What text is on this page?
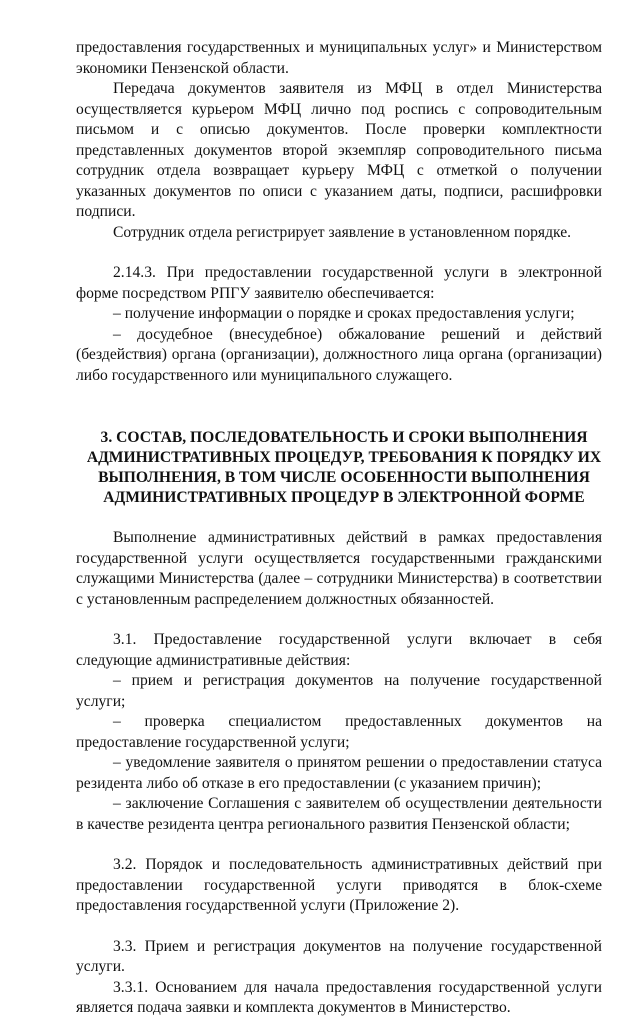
предоставления государственных и муниципальных услуг» и Министерством экономики Пензенской области.

Передача документов заявителя из МФЦ в отдел Министерства осуществляется курьером МФЦ лично под роспись с сопроводительным письмом и с описью документов. После проверки комплектности представленных документов второй экземпляр сопроводительного письма сотрудник отдела возвращает курьеру МФЦ с отметкой о получении указанных документов по описи с указанием даты, подписи, расшифровки подписи.

Сотрудник отдела регистрирует заявление в установленном порядке.

2.14.3. При предоставлении государственной услуги в электронной форме посредством РПГУ заявителю обеспечивается:

– получение информации о порядке и сроках предоставления услуги;

– досудебное (внесудебное) обжалование решений и действий (бездействия) органа (организации), должностного лица органа (организации) либо государственного или муниципального служащего.

3. СОСТАВ, ПОСЛЕДОВАТЕЛЬНОСТЬ И СРОКИ ВЫПОЛНЕНИЯ АДМИНИСТРАТИВНЫХ ПРОЦЕДУР, ТРЕБОВАНИЯ К ПОРЯДКУ ИХ ВЫПОЛНЕНИЯ, В ТОМ ЧИСЛЕ ОСОБЕННОСТИ ВЫПОЛНЕНИЯ АДМИНИСТРАТИВНЫХ ПРОЦЕДУР В ЭЛЕКТРОННОЙ ФОРМЕ

Выполнение административных действий в рамках предоставления государственной услуги осуществляется государственными гражданскими служащими Министерства (далее – сотрудники Министерства) в соответствии с установленным распределением должностных обязанностей.

3.1. Предоставление государственной услуги включает в себя следующие административные действия:

– прием и регистрация документов на получение государственной услуги;

– проверка специалистом предоставленных документов на предоставление государственной услуги;

– уведомление заявителя о принятом решении о предоставлении статуса резидента либо об отказе в его предоставлении (с указанием причин);

– заключение Соглашения с заявителем об осуществлении деятельности в качестве резидента центра регионального развития Пензенской области;

3.2. Порядок и последовательность административных действий при предоставлении государственной услуги приводятся в блок-схеме предоставления государственной услуги (Приложение 2).

3.3. Прием и регистрация документов на получение государственной услуги.

3.3.1. Основанием для начала предоставления государственной услуги является подача заявки и комплекта документов в Министерство.
